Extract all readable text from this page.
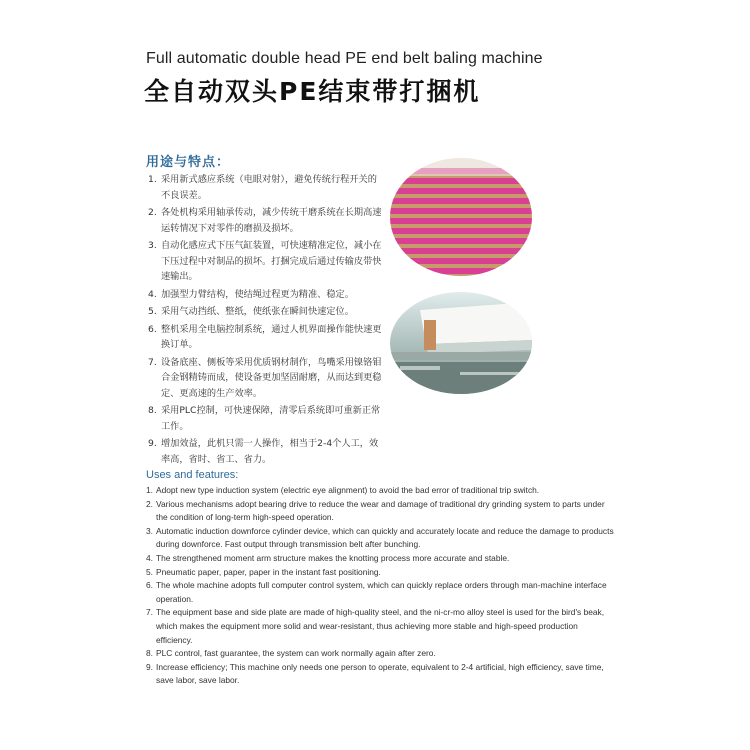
Full automatic double head PE end belt baling machine
全自动双头PE结束带打捆机
用途与特点：
1. 采用新式感应系统（电眼对射），避免传统行程开关的不良误差。
2. 各处机构采用轴承传动，减少传统干磨系统在长期高速运转情况下对零件的磨损及损坏。
3. 自动化感应式下压气缸装置，可快速精准定位，减小在下压过程中对制品的损坏。打捆完成后通过传输皮带快速输出。
4. 加强型力臂结构，使结绳过程更为精准、稳定。
5. 采用气动挡纸、整纸，使纸张在瞬间快速定位。
6. 整机采用全电脑控制系统，通过人机界面操作能快速更换订单。
7. 设备底座、侧板等采用优质钢材制作，鸟嘴采用镍铬钼合金钢精铸而成，使设备更加坚固耐磨，从而达到更稳定、更高速的生产效率。
8. 采用PLC控制，可快速保障，清零后系统即可重新正常工作。
9. 增加效益，此机只需一人操作，相当于2-4个人工，效率高，省时、省工、省力。
Uses and features:
1. Adopt new type induction system (electric eye alignment) to avoid the bad error of traditional trip switch.
2. Various mechanisms adopt bearing drive to reduce the wear and damage of traditional dry grinding system to parts under the condition of long-term high-speed operation.
3. Automatic induction downforce cylinder device, which can quickly and accurately locate and reduce the damage to products during downforce. Fast output through transmission belt after bunching.
4. The strengthened moment arm structure makes the knotting process more accurate and stable.
5. Pneumatic paper, paper, paper in the instant fast positioning.
6. The whole machine adopts full computer control system, which can quickly replace orders through man-machine interface operation.
7. The equipment base and side plate are made of high-quality steel, and the ni-cr-mo alloy steel is used for the bird's beak, which makes the equipment more solid and wear-resistant, thus achieving more stable and high-speed production efficiency.
8. PLC control, fast guarantee, the system can work normally again after zero.
9. Increase efficiency; This machine only needs one person to operate, equivalent to 2-4 artificial, high efficiency, save time, save labor, save labor.
